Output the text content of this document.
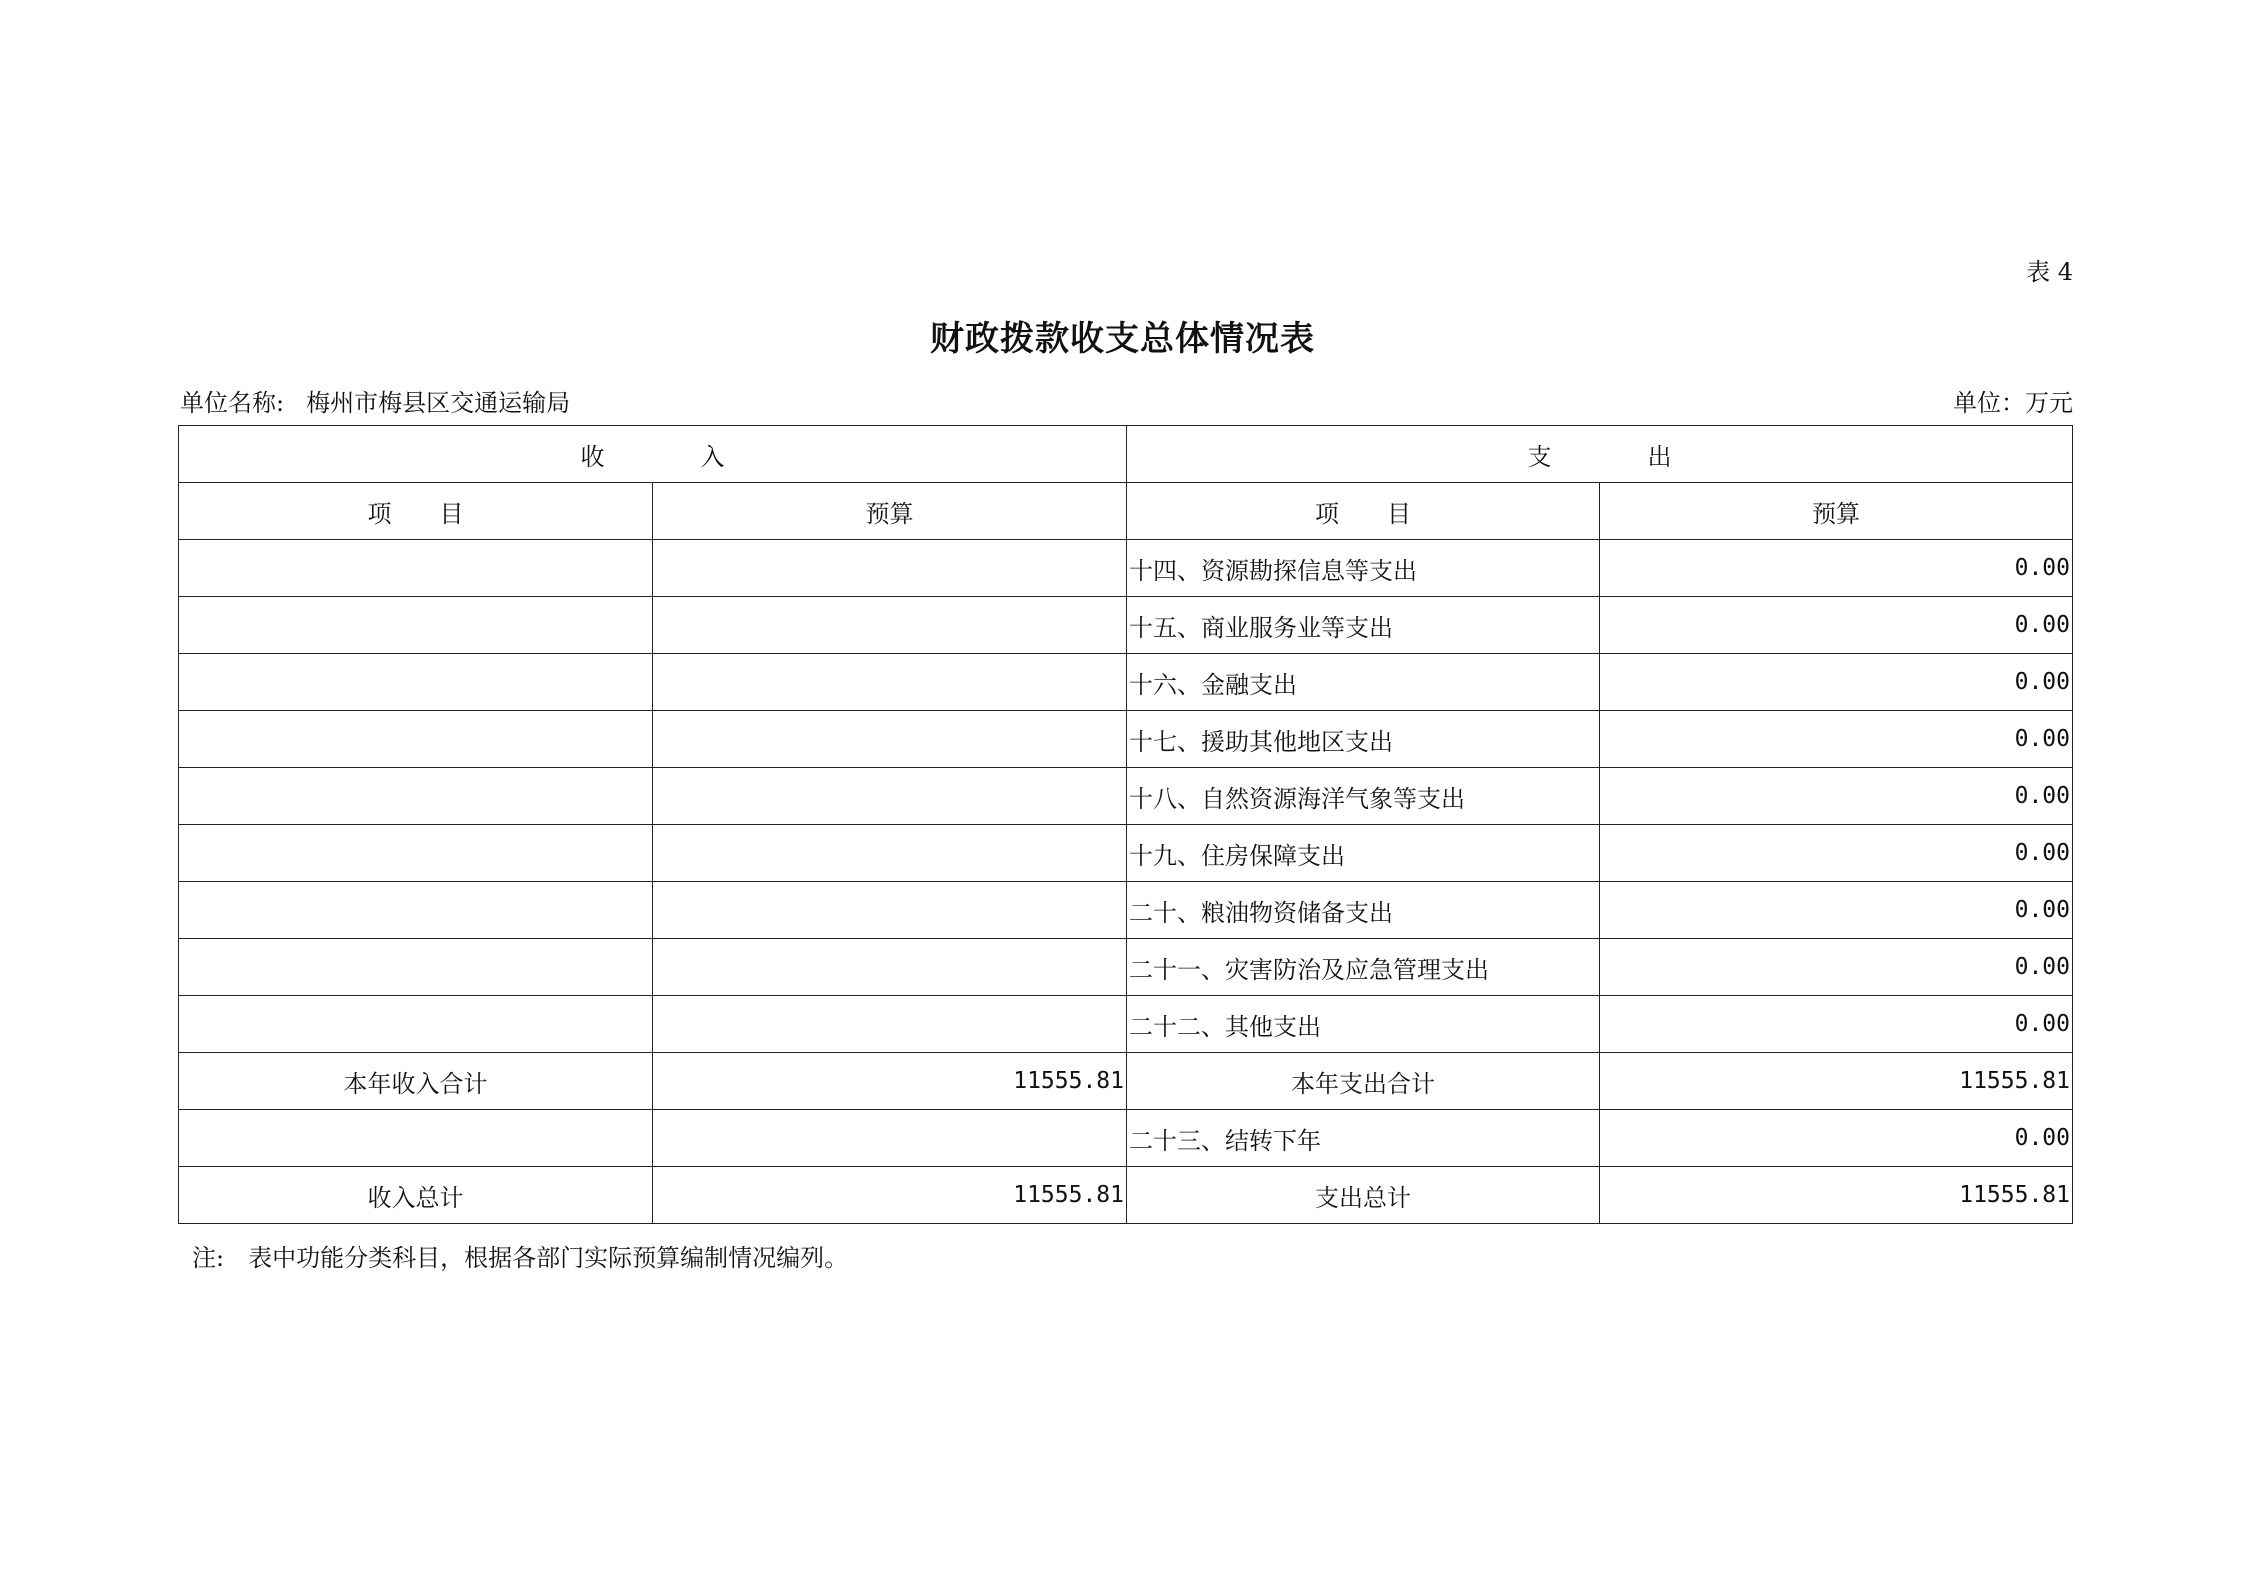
表 4
财政拨款收支总体情况表
单位名称: 梅州市梅县区交通运输局	单位：万元
收　　　　入		支　　　　出	
项　　目	预算	项　　目	预算
		十四、资源勘探信息等支出	0.00
		十五、商业服务业等支出	0.00
		十六、金融支出	0.00
		十七、援助其他地区支出	0.00
		十八、自然资源海洋气象等支出	0.00
		十九、住房保障支出	0.00
		二十、粮油物资储备支出	0.00
		二十一、灾害防治及应急管理支出	0.00
		二十二、其他支出	0.00
本年收入合计	11555.81	本年支出合计	11555.81
		二十三、结转下年	0.00
收入总计	11555.81	支出总计	11555.81
注: 表中功能分类科目，根据各部门实际预算编制情况编列。
